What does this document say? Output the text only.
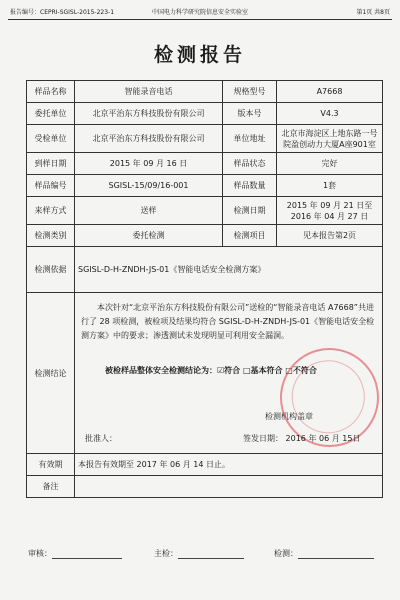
报告编号：CEPRI-SGISL-2015-223-1	中国电力科学研究院信息安全实验室	第1页 共8页
检测报告
样品名称	智能录音电话	规格型号	A7668
委托单位	北京平治东方科技股份有限公司	版本号	V4.3
受检单位	北京平治东方科技股份有限公司	单位地址	北京市海淀区上地东路一号院盈创动力大厦A座901室
到样日期	2015 年 09 月 16 日	样品状态	完好
样品编号	SGISL-15/09/16-001	样品数量	1套
来样方式	送样	检测日期	2015 年 09 月 21 日至
2016 年 04 月 27 日

检测类别	委托检测	检测项目	见本报告第2页
检测依据	SGISL-D-H-ZNDH-JS-01《智能电话安全检测方案》		
检测结论	本次针对“北京平治东方科技股份有限公司”送检的“智能录音电话 A7668”共进行了 28 项检测，被检项及结果均符合 SGISL-D-H-ZNDH-JS-01《智能电话安全检测方案》中的要求；渗透测试未发现明显可利用安全漏洞。
被检样品整体安全检测结论为：☑符合 □基本符合 □不符合
检测机构盖章
批准人： 签发日期： 2016 年 06 月 15日		

有效期	本报告有效期至 2017 年 06 月 14 日止。		
备注			
审核：	主检：	检测：
